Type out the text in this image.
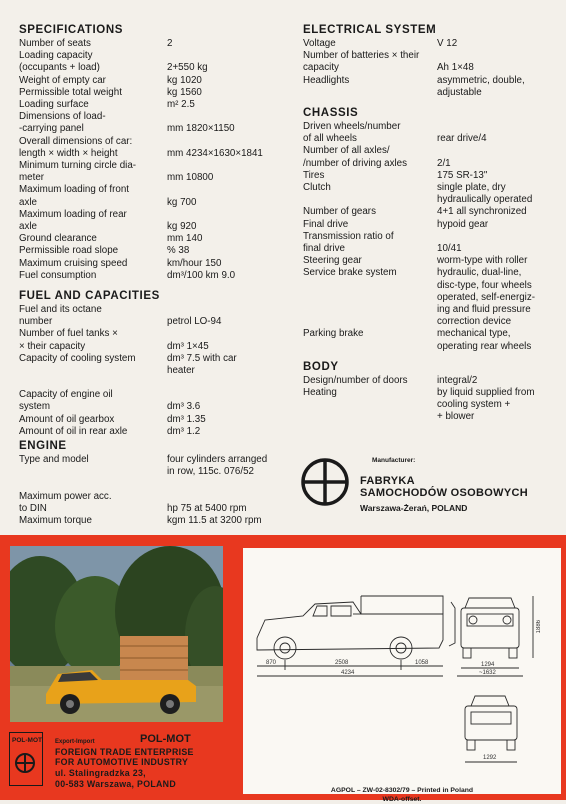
SPECIFICATIONS
Number of seats	2
Loading capacity
(occupants + load)	2+550 kg
Weight of empty car	kg 1020
Permissible total weight	kg 1560
Loading surface	m² 2.5
Dimensions of load-
-carrying panel	mm 1820×1150
Overall dimensions of car:
length × width × height	mm 4234×1630×1841
Minimum turning circle dia-
meter	mm 10800
Maximum loading of front
axle	kg 700
Maximum loading of rear
axle	kg 920
Ground clearance	mm 140
Permissible road slope	% 38
Maximum cruising speed	km/hour 150
Fuel consumption	dm³/100 km 9.0
FUEL AND CAPACITIES
Fuel and its octane
number	petrol LO-94
Number of fuel tanks ×
× their capacity	dm³ 1×45
Capacity of cooling system	dm³ 7.5 with car
heater
Capacity of engine oil
system	dm³ 3.6
Amount of oil gearbox	dm³ 1.35
Amount of oil in rear axle	dm³ 1.2
ENGINE
Type and model	four cylinders arranged
in row, 115c. 076/52
Maximum power acc.
to DIN	hp 75 at 5400 rpm
Maximum torque	kgm 11.5 at 3200 rpm
ELECTRICAL SYSTEM
Voltage	V 12
Number of batteries × their
capacity	Ah 1×48
Headlights	asymmetric, double,
adjustable
CHASSIS
Driven wheels/number
of all wheels	rear drive/4
Number of all axles/
/number of driving axles	2/1
Tires	175 SR-13"
Clutch	single plate, dry
hydraulically operated
Number of gears	4+1 all synchronized
Final drive	hypoid gear
Transmission ratio of
final drive	10/41
Steering gear	worm-type with roller
Service brake system	hydraulic, dual-line,
disc-type, four wheels
operated, self-energiz-
ing and fluid pressure
correction device
Parking brake	mechanical type,
operating rear wheels
BODY
Design/number of doors	integral/2
Heating	by liquid supplied from
cooling system +
+ blower
Manufacturer:
FABRYKA
SAMOCHODÓW OSOBOWYCH
Warszawa-Żerań, POLAND
POL-MOT Export-Import	POL-MOT
FOREIGN TRADE ENTERPRISE
FOR AUTOMOTIVE INDUSTRY
ul. Stalingradzka 23,
00-583 Warszawa, POLAND
870	2508	1058
4234
1294
~1632
1292
1886
AGPOL – ZW-02-8302/79 – Printed in Poland
WDA-offset.
